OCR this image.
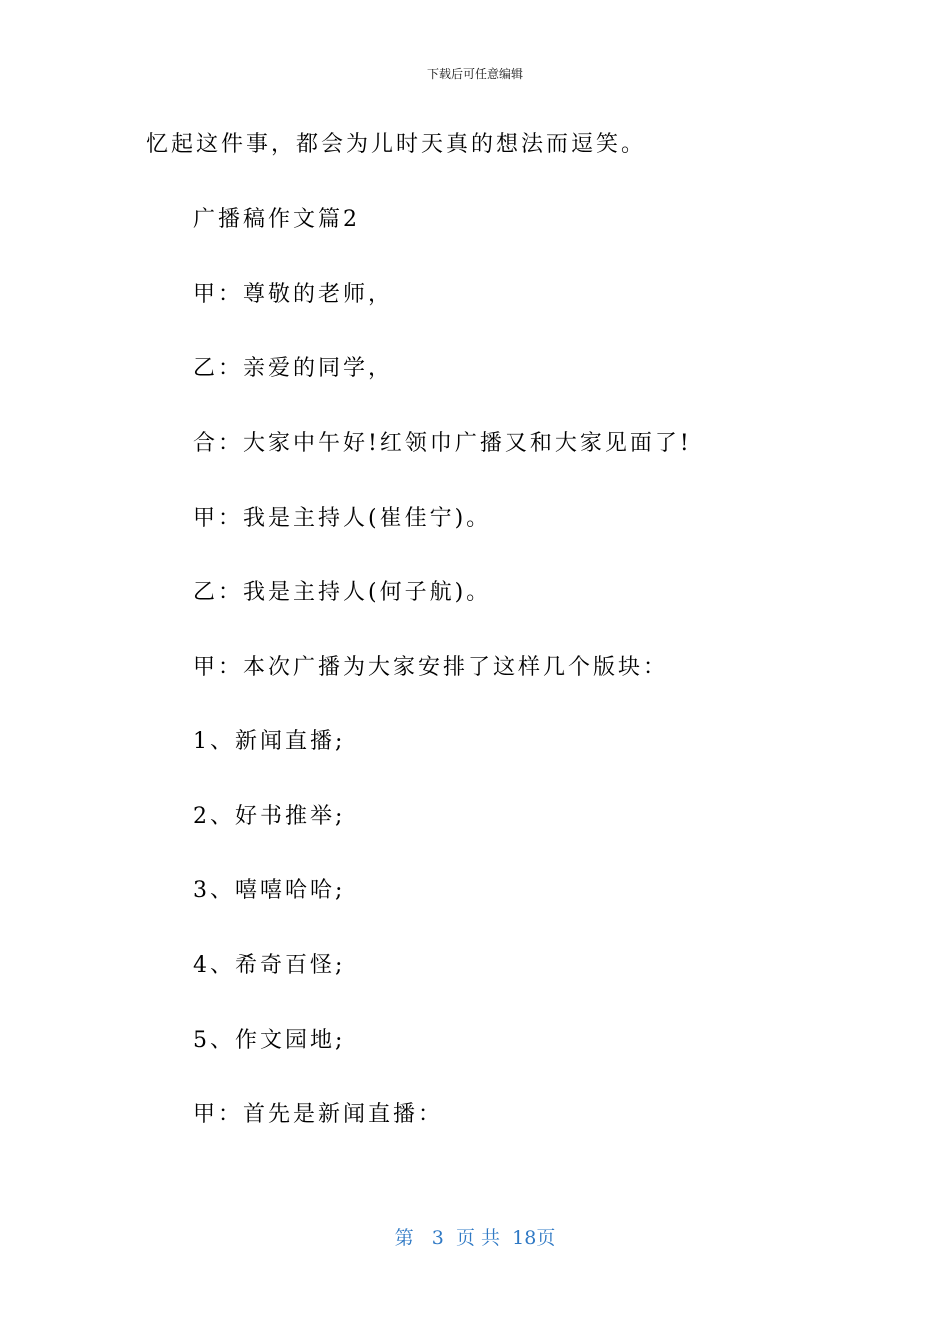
下载后可任意编辑
忆起这件事，都会为儿时天真的想法而逗笑。
广播稿作文篇2
甲：尊敬的老师，
乙：亲爱的同学，
合：大家中午好!红领巾广播又和大家见面了!
甲：我是主持人(崔佳宁)。
乙：我是主持人(何子航)。
甲：本次广播为大家安排了这样几个版块：
1、新闻直播;
2、好书推举;
3、嘻嘻哈哈;
4、希奇百怪;
5、作文园地;
甲：首先是新闻直播：
第 3 页 共 18页
